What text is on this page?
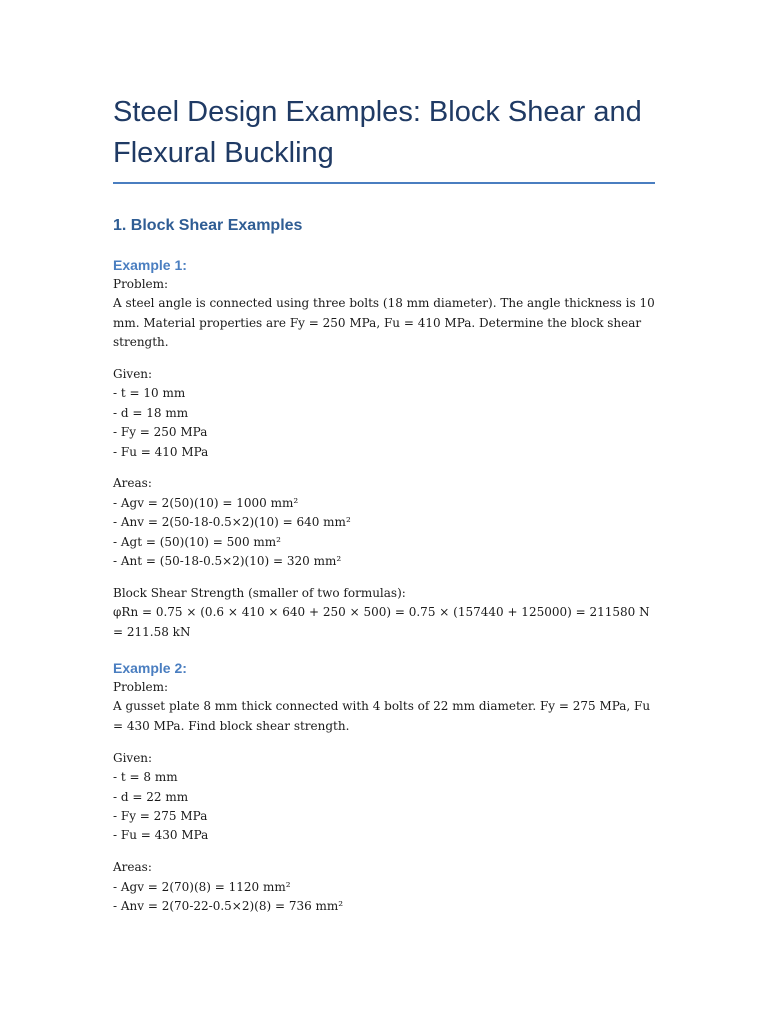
Steel Design Examples: Block Shear and Flexural Buckling
1. Block Shear Examples
Example 1:

Problem:

A steel angle is connected using three bolts (18 mm diameter). The angle thickness is 10 mm. Material properties are Fy = 250 MPa, Fu = 410 MPa. Determine the block shear strength.

Given:

- t = 10 mm

- d = 18 mm

- Fy = 250 MPa

- Fu = 410 MPa

Areas:

- Agv = 2(50)(10) = 1000 mm²

- Anv = 2(50-18-0.5×2)(10) = 640 mm²

- Agt = (50)(10) = 500 mm²

- Ant = (50-18-0.5×2)(10) = 320 mm²

Block Shear Strength (smaller of two formulas):

φRn = 0.75 × (0.6 × 410 × 640 + 250 × 500) = 0.75 × (157440 + 125000) = 211580 N = 211.58 kN

Example 2:

Problem:

A gusset plate 8 mm thick connected with 4 bolts of 22 mm diameter. Fy = 275 MPa, Fu = 430 MPa. Find block shear strength.

Given:

- t = 8 mm

- d = 22 mm

- Fy = 275 MPa

- Fu = 430 MPa

Areas:

- Agv = 2(70)(8) = 1120 mm²

- Anv = 2(70-22-0.5×2)(8) = 736 mm²
